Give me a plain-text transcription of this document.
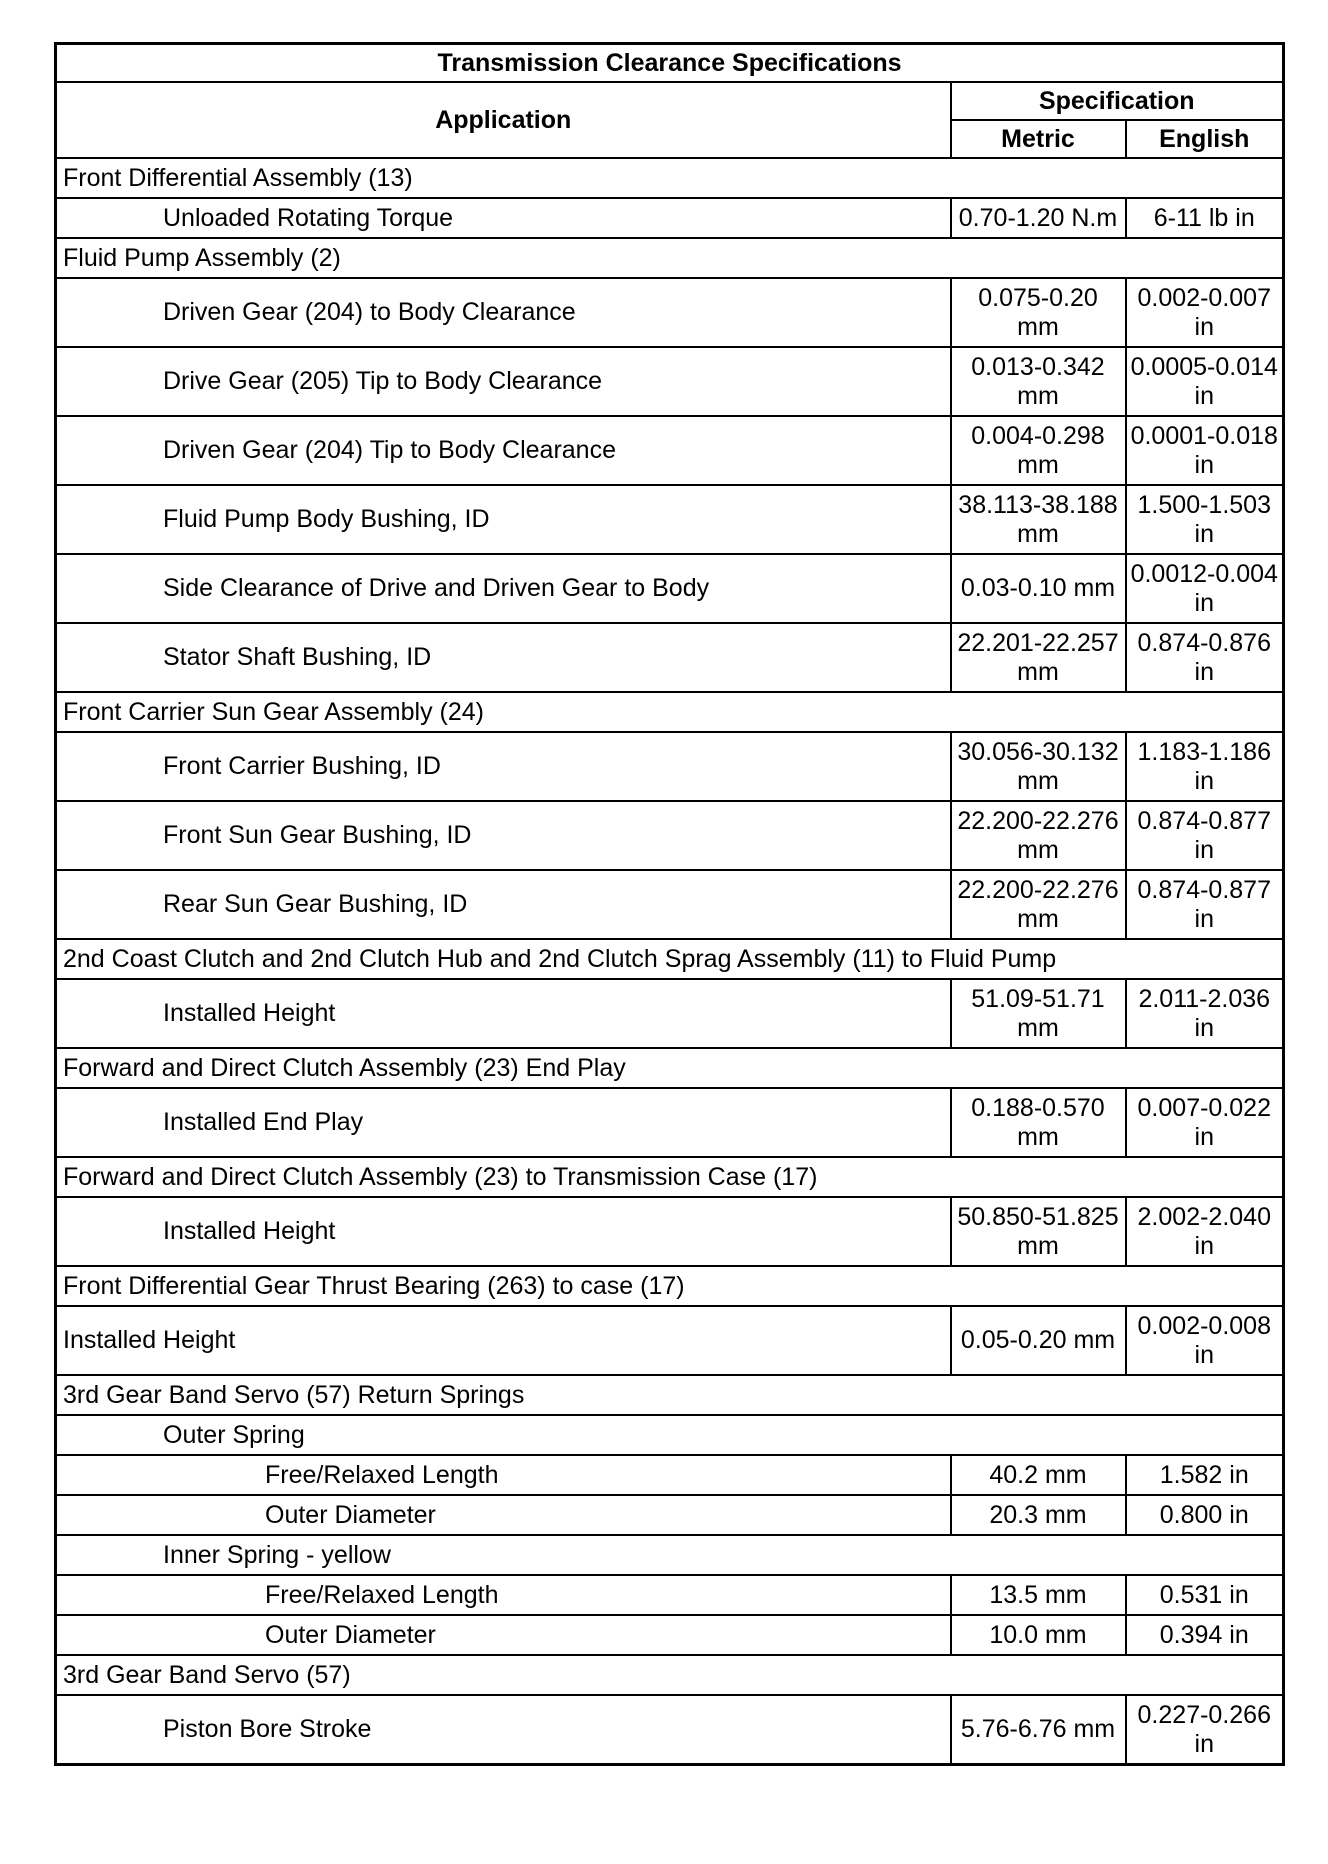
Transmission Clearance Specifications		
Application	Specification	
	Metric	English
Front Differential Assembly (13)		
Unloaded Rotating Torque	0.70-1.20 N.m	6-11 lb in
Fluid Pump Assembly (2)		
Driven Gear (204) to Body Clearance	0.075-0.20 mm	0.002-0.007 in
Drive Gear (205) Tip to Body Clearance	0.013-0.342 mm	0.0005-0.014 in
Driven Gear (204) Tip to Body Clearance	0.004-0.298 mm	0.0001-0.018 in
Fluid Pump Body Bushing, ID	38.113-38.188 mm	1.500-1.503 in
Side Clearance of Drive and Driven Gear to Body	0.03-0.10 mm	0.0012-0.004 in
Stator Shaft Bushing, ID	22.201-22.257 mm	0.874-0.876 in
Front Carrier Sun Gear Assembly (24)		
Front Carrier Bushing, ID	30.056-30.132 mm	1.183-1.186 in
Front Sun Gear Bushing, ID	22.200-22.276 mm	0.874-0.877 in
Rear Sun Gear Bushing, ID	22.200-22.276 mm	0.874-0.877 in
2nd Coast Clutch and 2nd Clutch Hub and 2nd Clutch Sprag Assembly (11) to Fluid Pump		
Installed Height	51.09-51.71 mm	2.011-2.036 in
Forward and Direct Clutch Assembly (23) End Play		
Installed End Play	0.188-0.570 mm	0.007-0.022 in
Forward and Direct Clutch Assembly (23) to Transmission Case (17)		
Installed Height	50.850-51.825 mm	2.002-2.040 in
Front Differential Gear Thrust Bearing (263) to case (17)		
Installed Height	0.05-0.20 mm	0.002-0.008 in
3rd Gear Band Servo (57) Return Springs		
Outer Spring		
Free/Relaxed Length	40.2 mm	1.582 in
Outer Diameter	20.3 mm	0.800 in
Inner Spring - yellow		
Free/Relaxed Length	13.5 mm	0.531 in
Outer Diameter	10.0 mm	0.394 in
3rd Gear Band Servo (57)		
Piston Bore Stroke	5.76-6.76 mm	0.227-0.266 in
